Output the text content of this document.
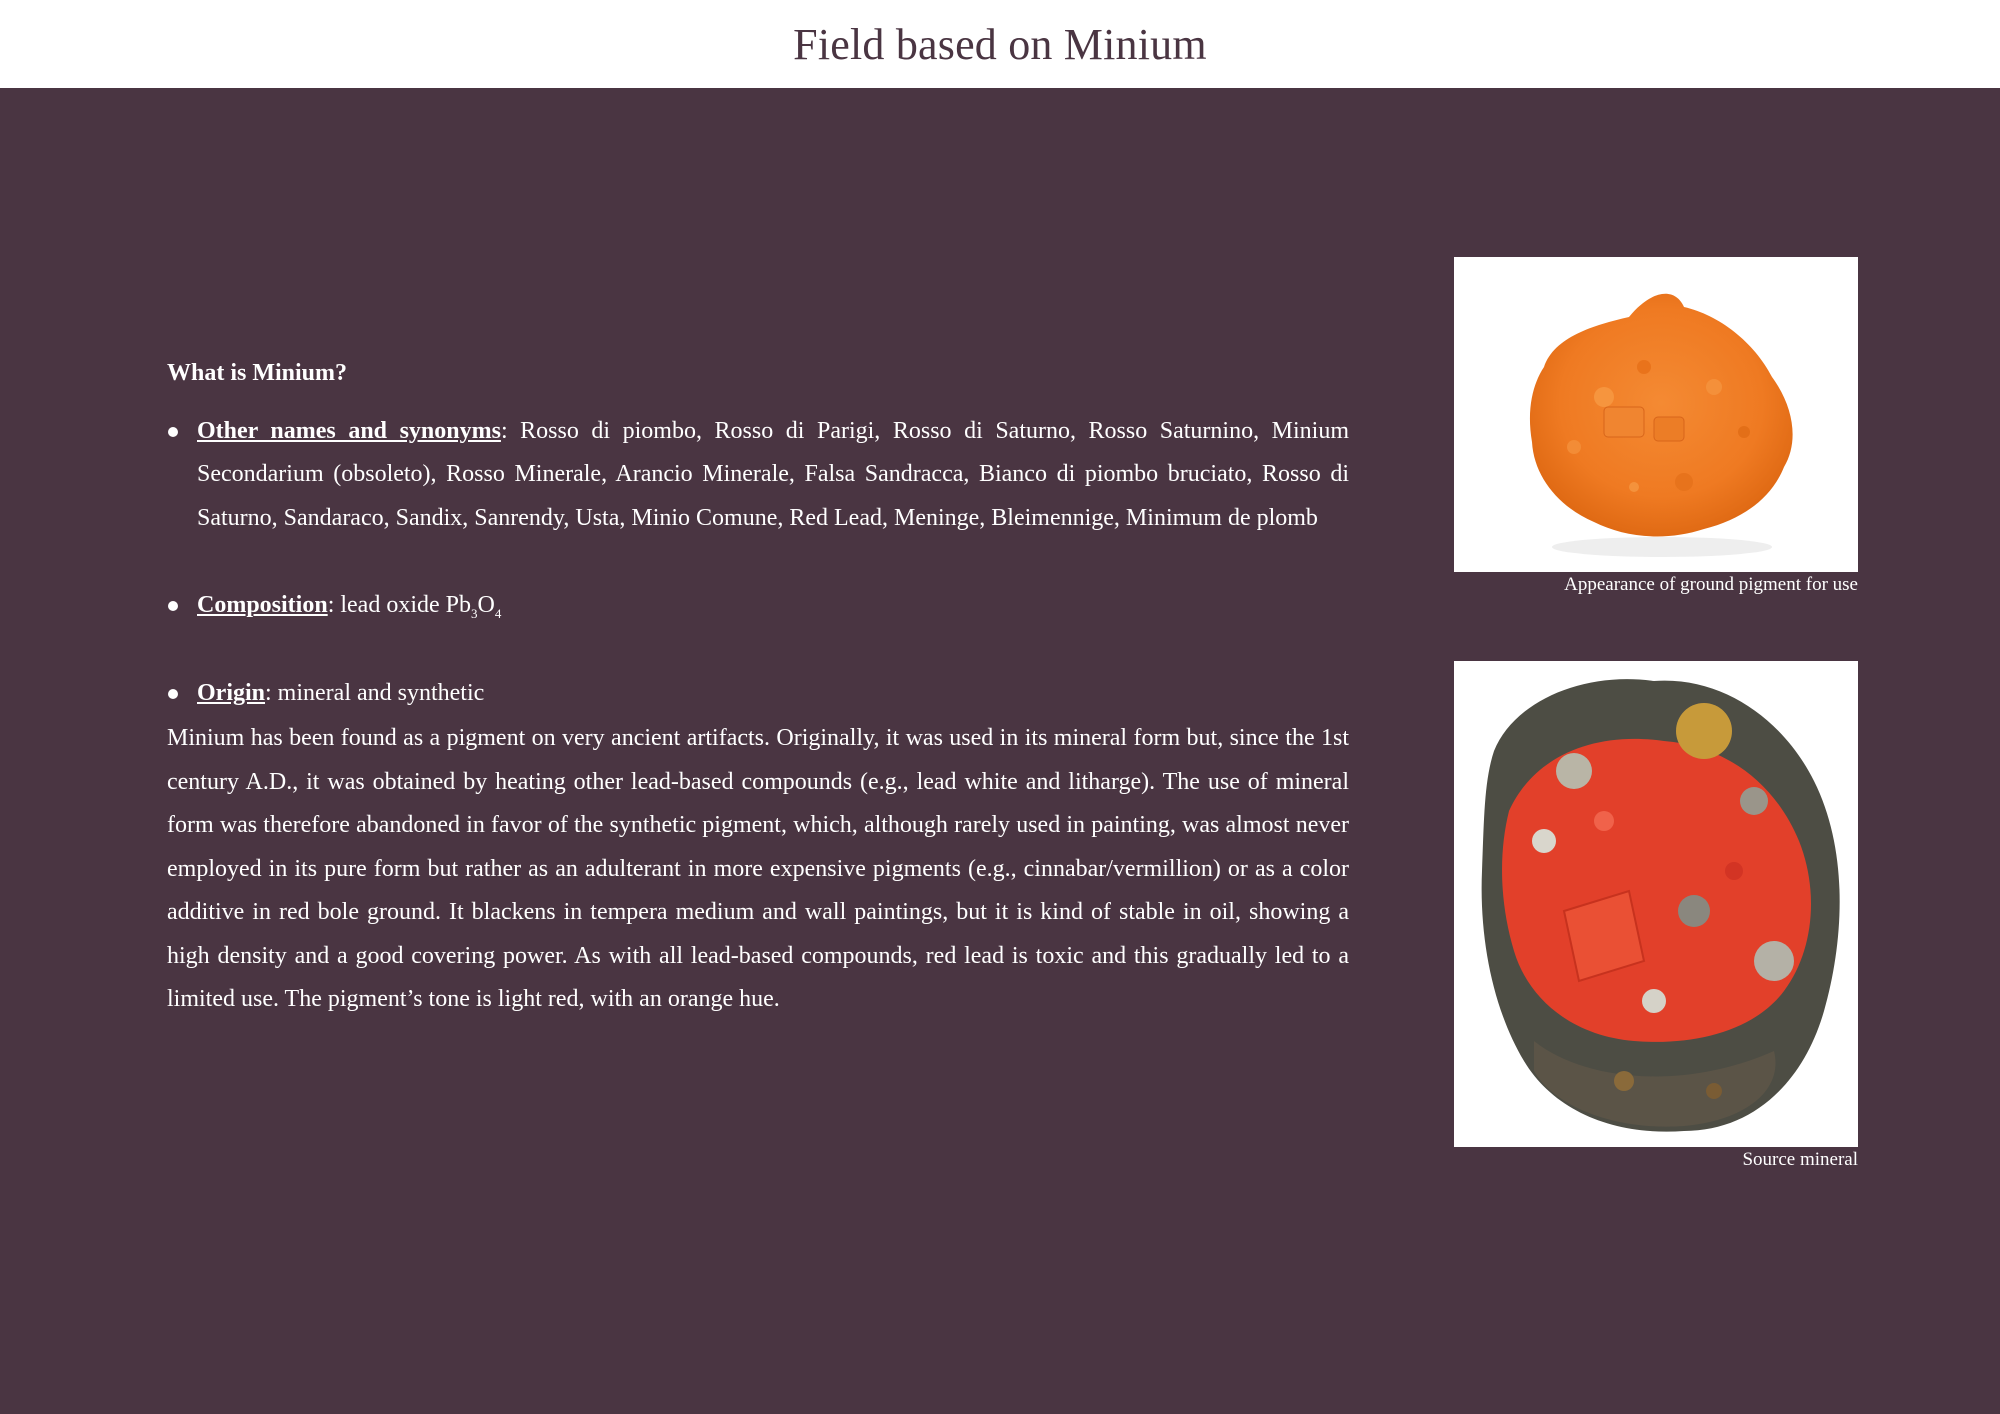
Field based on Minium

What is Minium?

Other names and synonyms: Rosso di piombo, Rosso di Parigi, Rosso di Saturno, Rosso Saturnino, Minium Secondarium (obsoleto), Rosso Minerale, Arancio Minerale, Falsa Sandracca, Bianco di piombo bruciato, Rosso di Saturno, Sandaraco, Sandix, Sanrendy, Usta, Minio Comune, Red Lead, Meninge, Bleimennige, Minimum de plomb
Composition: lead oxide $Pb_3O_4$
Origin: mineral and synthetic

Minium has been found as a pigment on very ancient artifacts. Originally, it was used in its mineral form but, since the 1st century A.D., it was obtained by heating other lead-based compounds (e.g., lead white and litharge). The use of mineral form was therefore abandoned in favor of the synthetic pigment, which, although rarely used in painting, was almost never employed in its pure form but rather as an adulterant in more expensive pigments (e.g., cinnabar/vermillion) or as a color additive in red bole ground. It blackens in tempera medium and wall paintings, but it is kind of stable in oil, showing a high density and a good covering power. As with all lead-based compounds, red lead is toxic and this gradually led to a limited use. The pigment’s tone is light red, with an orange hue.

Appearance of ground pigment for use
Source mineral
